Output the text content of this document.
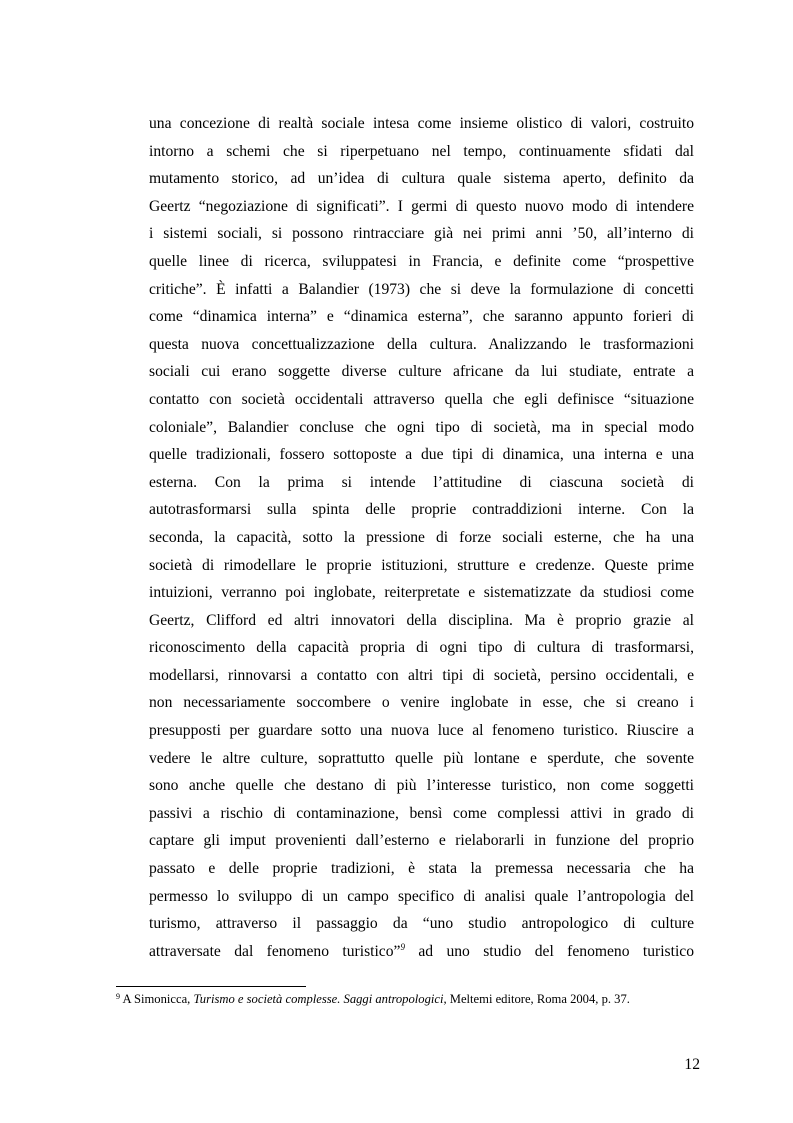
una concezione di realtà sociale intesa come insieme olistico di valori, costruito
intorno a schemi che si riperpetuano nel tempo, continuamente sfidati dal
mutamento storico, ad un’idea di cultura quale sistema aperto, definito da
Geertz “negoziazione di significati”. I germi di questo nuovo modo di intendere
i sistemi sociali, si possono rintracciare già nei primi anni ’50, all’interno di
quelle linee di ricerca, sviluppatesi in Francia, e definite come “prospettive
critiche”. È infatti a Balandier (1973) che si deve la formulazione di concetti
come “dinamica interna” e “dinamica esterna”, che saranno appunto forieri di
questa nuova concettualizzazione della cultura. Analizzando le trasformazioni
sociali cui erano soggette diverse culture africane da lui studiate, entrate a
contatto con società occidentali attraverso quella che egli definisce “situazione
coloniale”, Balandier concluse che ogni tipo di società, ma in special modo
quelle tradizionali, fossero sottoposte a due tipi di dinamica, una interna e una
esterna. Con la prima si intende l’attitudine di ciascuna società di
autotrasformarsi sulla spinta delle proprie contraddizioni interne. Con la
seconda, la capacità, sotto la pressione di forze sociali esterne, che ha una
società di rimodellare le proprie istituzioni, strutture e credenze. Queste prime
intuizioni, verranno poi inglobate, reiterpretate e sistematizzate da studiosi come
Geertz, Clifford ed altri innovatori della disciplina. Ma è proprio grazie al
riconoscimento della capacità propria di ogni tipo di cultura di trasformarsi,
modellarsi, rinnovarsi a contatto con altri tipi di società, persino occidentali, e
non necessariamente soccombere o venire inglobate in esse, che si creano i
presupposti per guardare sotto una nuova luce al fenomeno turistico. Riuscire a
vedere le altre culture, soprattutto quelle più lontane e sperdute, che sovente
sono anche quelle che destano di più l’interesse turistico, non come soggetti
passivi a rischio di contaminazione, bensì come complessi attivi in grado di
captare gli imput provenienti dall’esterno e rielaborarli in funzione del proprio
passato e delle proprie tradizioni, è stata la premessa necessaria che ha
permesso lo sviluppo di un campo specifico di analisi quale l’antropologia del
turismo, attraverso il passaggio da “uno studio antropologico di culture
attraversate dal fenomeno turistico”$^9$ ad uno studio del fenomeno turistico
$^9$ A Simonicca, Turismo e società complesse. Saggi antropologici, Meltemi editore, Roma 2004, p. 37.
12
